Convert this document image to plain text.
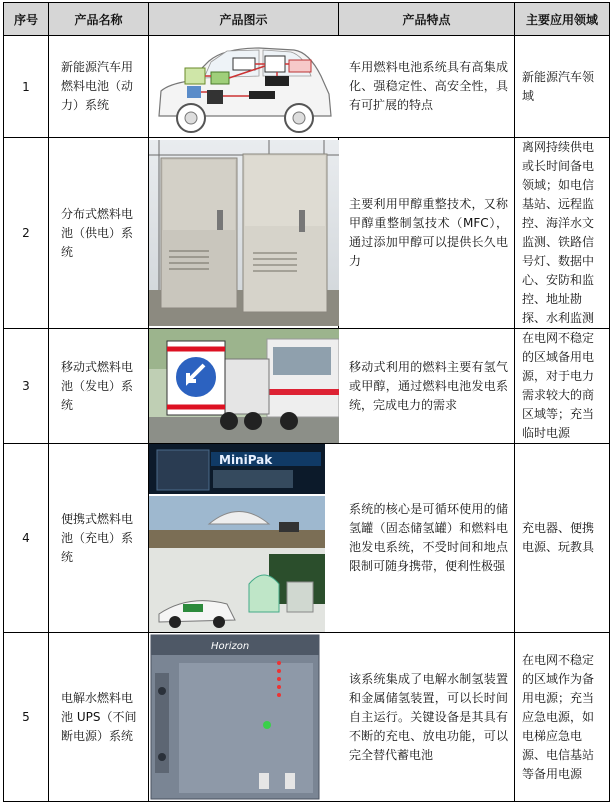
序号	产品名称	产品图示	产品特点	主要应用领域
1	新能源汽车用燃料电池（动力）系统		车用燃料电池系统具有高集成化、强稳定性、高安全性，具有可扩展的特点	新能源汽车领域
2	分布式燃料电池（供电）系统		主要利用甲醇重整技术，又称甲醇重整制氢技术（MFC），通过添加甲醇可以提供长久电力	离网持续供电或长时间备电领域；如电信基站、远程监控、海洋水文监测、铁路信号灯、数据中心、安防和监控、地址勘探、水利监测
3	移动式燃料电池（发电）系统		移动式利用的燃料主要有氢气或甲醇，通过燃料电池发电系统，完成电力的需求	在电网不稳定的区域备用电源，对于电力需求较大的商区域等；充当临时电源
4	便携式燃料电池（充电）系统	MiniPak	系统的核心是可循环使用的储氢罐（固态储氢罐）和燃料电池发电系统，不受时间和地点限制可随身携带，便利性极强	充电器、便携电源、玩教具
5	电解水燃料电池 UPS（不间断电源）系统	Horizon	该系统集成了电解水制氢装置和金属储氢装置，可以长时间自主运行。关键设备是其具有不断的充电、放电功能，可以完全替代蓄电池	在电网不稳定的区域作为备用电源；充当应急电源，如电梯应急电源、电信基站等备用电源
